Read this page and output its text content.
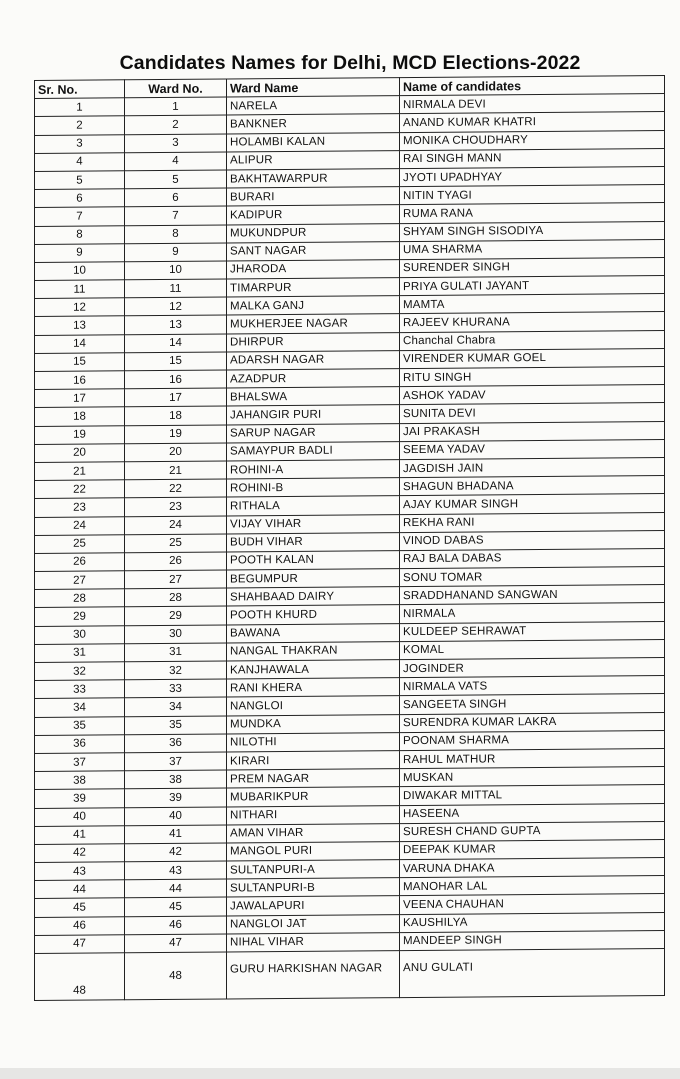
Candidates Names for Delhi, MCD Elections-2022
Sr. No.	Ward No.	Ward Name	Name of candidates
1	1	NARELA	NIRMALA DEVI
2	2	BANKNER	ANAND KUMAR KHATRI
3	3	HOLAMBI KALAN	MONIKA CHOUDHARY
4	4	ALIPUR	RAI SINGH MANN
5	5	BAKHTAWARPUR	JYOTI UPADHYAY
6	6	BURARI	NITIN TYAGI
7	7	KADIPUR	RUMA RANA
8	8	MUKUNDPUR	SHYAM SINGH SISODIYA
9	9	SANT NAGAR	UMA SHARMA
10	10	JHARODA	SURENDER SINGH
11	11	TIMARPUR	PRIYA GULATI JAYANT
12	12	MALKA GANJ	MAMTA
13	13	MUKHERJEE NAGAR	RAJEEV KHURANA
14	14	DHIRPUR	Chanchal Chabra
15	15	ADARSH NAGAR	VIRENDER KUMAR GOEL
16	16	AZADPUR	RITU SINGH
17	17	BHALSWA	ASHOK YADAV
18	18	JAHANGIR PURI	SUNITA DEVI
19	19	SARUP NAGAR	JAI PRAKASH
20	20	SAMAYPUR BADLI	SEEMA YADAV
21	21	ROHINI-A	JAGDISH JAIN
22	22	ROHINI-B	SHAGUN BHADANA
23	23	RITHALA	AJAY KUMAR SINGH
24	24	VIJAY VIHAR	REKHA RANI
25	25	BUDH VIHAR	VINOD DABAS
26	26	POOTH KALAN	RAJ BALA DABAS
27	27	BEGUMPUR	SONU TOMAR
28	28	SHAHBAAD DAIRY	SRADDHANAND SANGWAN
29	29	POOTH KHURD	NIRMALA
30	30	BAWANA	KULDEEP SEHRAWAT
31	31	NANGAL THAKRAN	KOMAL
32	32	KANJHAWALA	JOGINDER
33	33	RANI KHERA	NIRMALA VATS
34	34	NANGLOI	SANGEETA SINGH
35	35	MUNDKA	SURENDRA KUMAR LAKRA
36	36	NILOTHI	POONAM SHARMA
37	37	KIRARI	RAHUL MATHUR
38	38	PREM NAGAR	MUSKAN
39	39	MUBARIKPUR	DIWAKAR MITTAL
40	40	NITHARI	HASEENA
41	41	AMAN VIHAR	SURESH CHAND GUPTA
42	42	MANGOL PURI	DEEPAK KUMAR
43	43	SULTANPURI-A	VARUNA DHAKA
44	44	SULTANPURI-B	MANOHAR LAL
45	45	JAWALAPURI	VEENA CHAUHAN
46	46	NANGLOI JAT	KAUSHILYA
47	47	NIHAL VIHAR	MANDEEP SINGH
48	48	GURU HARKISHAN NAGAR	ANU GULATI
